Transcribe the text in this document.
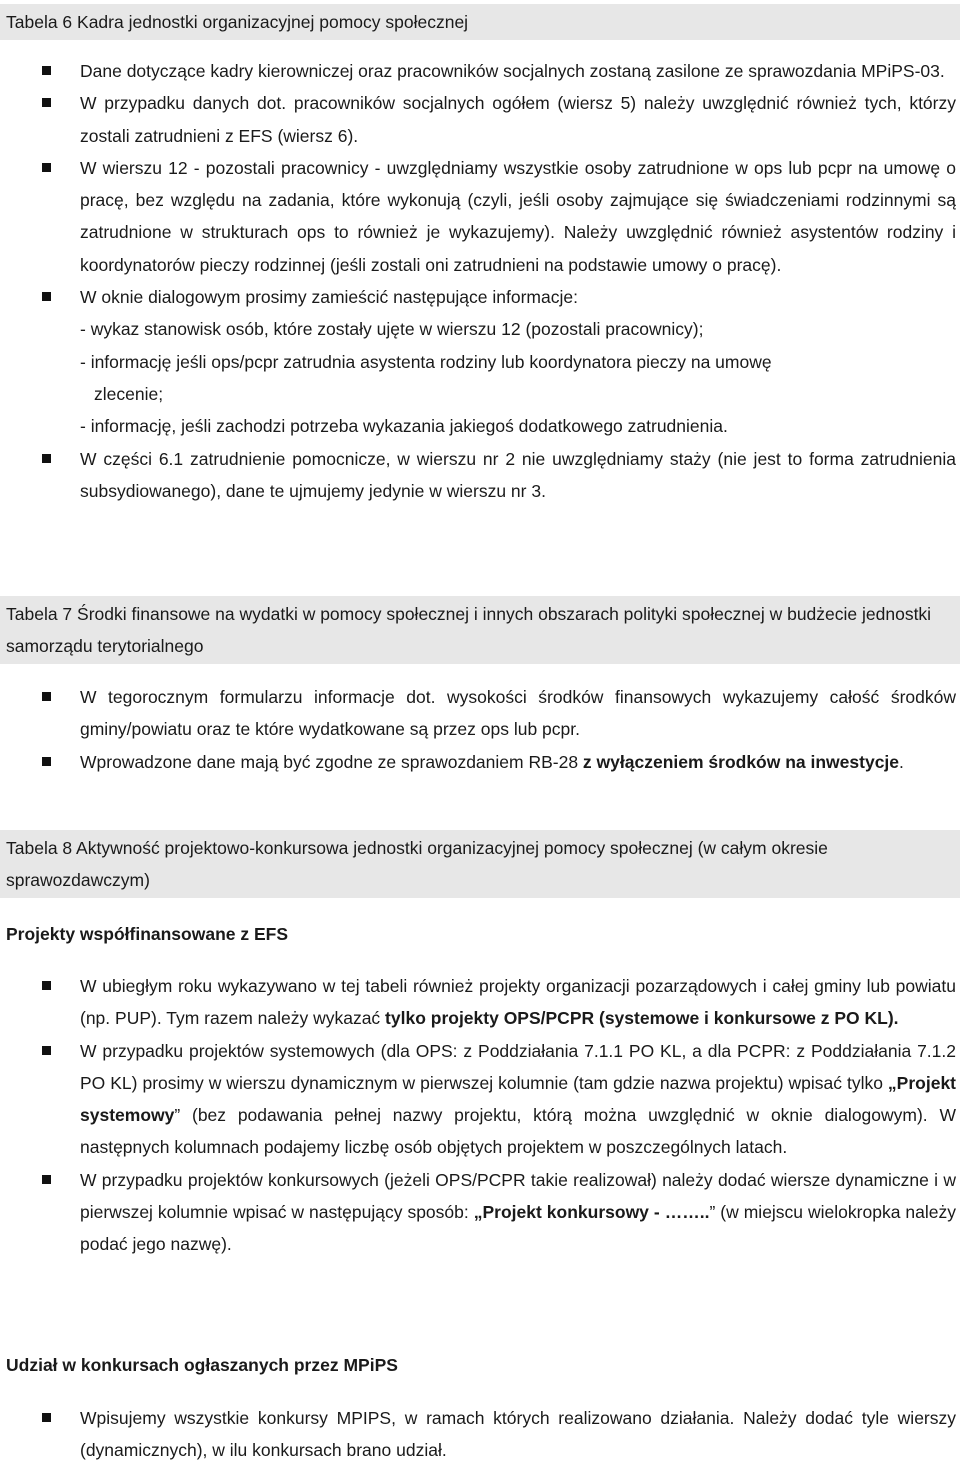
Tabela 6 Kadra jednostki organizacyjnej pomocy społecznej
Dane dotyczące kadry kierowniczej oraz pracowników socjalnych zostaną zasilone ze sprawozdania MPiPS-03.
W przypadku danych dot. pracowników socjalnych ogółem (wiersz 5) należy uwzględnić również tych, którzy zostali zatrudnieni z EFS (wiersz 6).
W wierszu 12 - pozostali pracownicy - uwzględniamy wszystkie osoby zatrudnione w ops lub pcpr na umowę o pracę, bez względu na zadania, które wykonują (czyli, jeśli osoby zajmujące się świadczeniami rodzinnymi są zatrudnione w strukturach ops to również je wykazujemy). Należy uwzględnić również asystentów rodziny i koordynatorów pieczy rodzinnej (jeśli zostali oni zatrudnieni na podstawie umowy o pracę).
W oknie dialogowym prosimy zamieścić następujące informacje:
- wykaz stanowisk osób, które zostały ujęte w wierszu 12 (pozostali pracownicy);
- informację jeśli ops/pcpr zatrudnia asystenta rodziny lub koordynatora pieczy na umowę
zlecenie;
- informację, jeśli zachodzi potrzeba wykazania jakiegoś dodatkowego zatrudnienia.
W części 6.1 zatrudnienie pomocnicze, w wierszu nr 2 nie uwzględniamy staży (nie jest to forma zatrudnienia subsydiowanego), dane te ujmujemy jedynie w wierszu nr 3.
Tabela 7 Środki finansowe na wydatki w pomocy społecznej i innych obszarach polityki społecznej w budżecie jednostki samorządu terytorialnego
W tegorocznym formularzu informacje dot. wysokości środków finansowych wykazujemy całość środków gminy/powiatu oraz te które wydatkowane są przez ops lub pcpr.
Wprowadzone dane mają być zgodne ze sprawozdaniem RB-28 z wyłączeniem środków na inwestycje.
Tabela 8 Aktywność projektowo-konkursowa jednostki organizacyjnej pomocy społecznej (w całym okresie sprawozdawczym)
Projekty współfinansowane z EFS
W ubiegłym roku wykazywano w tej tabeli również projekty organizacji pozarządowych i całej gminy lub powiatu (np. PUP). Tym razem należy wykazać tylko projekty OPS/PCPR (systemowe i konkursowe z PO KL).
W przypadku projektów systemowych (dla OPS: z Poddziałania 7.1.1 PO KL, a dla PCPR: z Poddziałania 7.1.2 PO KL) prosimy w wierszu dynamicznym w pierwszej kolumnie (tam gdzie nazwa projektu) wpisać tylko „Projekt systemowy” (bez podawania pełnej nazwy projektu, którą można uwzględnić w oknie dialogowym). W następnych kolumnach podajemy liczbę osób objętych projektem w poszczególnych latach.
W przypadku projektów konkursowych (jeżeli OPS/PCPR takie realizował) należy dodać wiersze dynamiczne i w pierwszej kolumnie wpisać w następujący sposób: „Projekt konkursowy - ……..” (w miejscu wielokropka należy podać jego nazwę).
Udział w konkursach ogłaszanych przez MPiPS
Wpisujemy wszystkie konkursy MPIPS, w ramach których realizowano działania. Należy dodać tyle wierszy (dynamicznych), w ilu konkursach brano udział.
